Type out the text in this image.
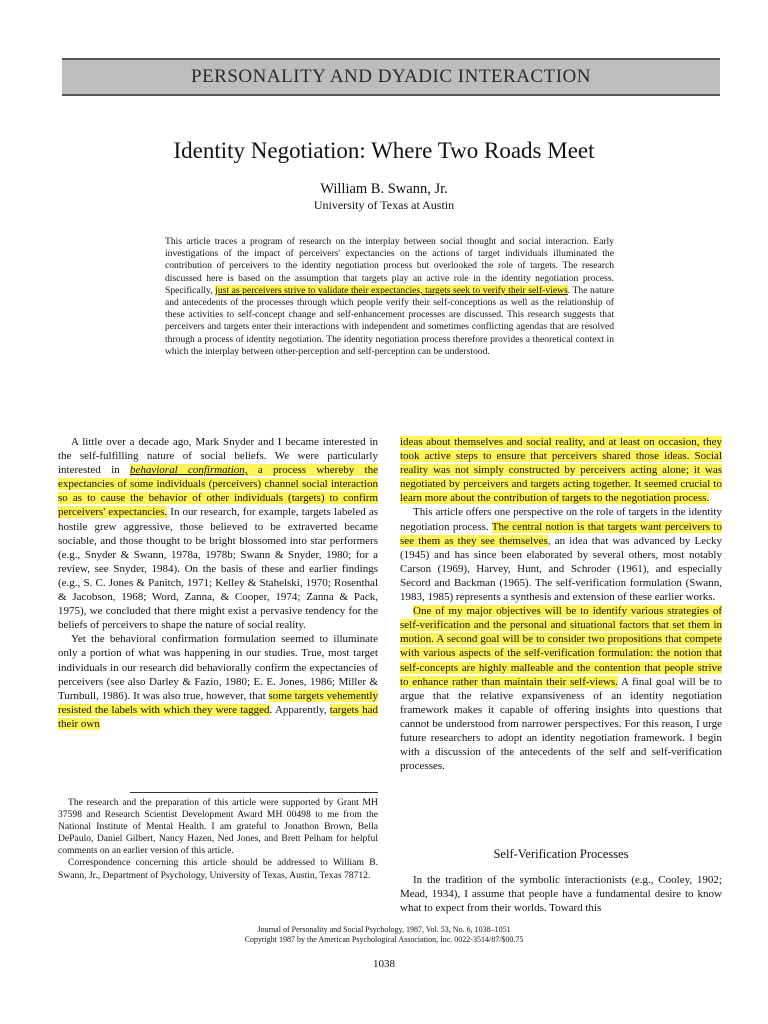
PERSONALITY AND DYADIC INTERACTION
Identity Negotiation: Where Two Roads Meet
William B. Swann, Jr.
University of Texas at Austin
This article traces a program of research on the interplay between social thought and social interaction. Early investigations of the impact of perceivers' expectancies on the actions of target individuals illuminated the contribution of perceivers to the identity negotiation process but overlooked the role of targets. The research discussed here is based on the assumption that targets play an active role in the identity negotiation process. Specifically, just as perceivers strive to validate their expectancies, targets seek to verify their self-views. The nature and antecedents of the processes through which people verify their self-conceptions as well as the relationship of these activities to self-concept change and self-enhancement processes are discussed. This research suggests that perceivers and targets enter their interactions with independent and sometimes conflicting agendas that are resolved through a process of identity negotiation. The identity negotiation process therefore provides a theoretical context in which the interplay between other-perception and self-perception can be understood.

A little over a decade ago, Mark Snyder and I became interested in the self-fulfilling nature of social beliefs. We were particularly interested in behavioral confirmation, a process whereby the expectancies of some individuals (perceivers) channel social interaction so as to cause the behavior of other individuals (targets) to confirm perceivers' expectancies. In our research, for example, targets labeled as hostile grew aggressive, those believed to be extraverted became sociable, and those thought to be bright blossomed into star performers (e.g., Snyder & Swann, 1978a, 1978b; Swann & Snyder, 1980; for a review, see Snyder, 1984). On the basis of these and earlier findings (e.g., S. C. Jones & Panitch, 1971; Kelley & Stahelski, 1970; Rosenthal & Jacobson, 1968; Word, Zanna, & Cooper, 1974; Zanna & Pack, 1975), we concluded that there might exist a pervasive tendency for the beliefs of perceivers to shape the nature of social reality.

Yet the behavioral confirmation formulation seemed to illuminate only a portion of what was happening in our studies. True, most target individuals in our research did behaviorally confirm the expectancies of perceivers (see also Darley & Fazio, 1980; E. E. Jones, 1986; Miller & Turnbull, 1986). It was also true, however, that some targets vehemently resisted the labels with which they were tagged. Apparently, targets had their own

ideas about themselves and social reality, and at least on occasion, they took active steps to ensure that perceivers shared those ideas. Social reality was not simply constructed by perceivers acting alone; it was negotiated by perceivers and targets acting together. It seemed crucial to learn more about the contribution of targets to the negotiation process.

This article offers one perspective on the role of targets in the identity negotiation process. The central notion is that targets want perceivers to see them as they see themselves, an idea that was advanced by Lecky (1945) and has since been elaborated by several others, most notably Carson (1969), Harvey, Hunt, and Schroder (1961), and especially Secord and Backman (1965). The self-verification formulation (Swann, 1983, 1985) represents a synthesis and extension of these earlier works.

One of my major objectives will be to identify various strategies of self-verification and the personal and situational factors that set them in motion. A second goal will be to consider two propositions that compete with various aspects of the self-verification formulation: the notion that self-concepts are highly malleable and the contention that people strive to enhance rather than maintain their self-views. A final goal will be to argue that the relative expansiveness of an identity negotiation framework makes it capable of offering insights into questions that cannot be understood from narrower perspectives. For this reason, I urge future researchers to adopt an identity negotiation framework. I begin with a discussion of the antecedents of the self and self-verification processes.

Self-Verification Processes

In the tradition of the symbolic interactionists (e.g., Cooley, 1902; Mead, 1934), I assume that people have a fundamental desire to know what to expect from their worlds. Toward this

The research and the preparation of this article were supported by Grant MH 37598 and Research Scientist Development Award MH 00498 to me from the National Institute of Mental Health. I am grateful to Jonathon Brown, Bella DePaulo, Daniel Gilbert, Nancy Hazen, Ned Jones, and Brett Pelham for helpful comments on an earlier version of this article.

Correspondence concerning this article should be addressed to William B. Swann, Jr., Department of Psychology, University of Texas, Austin, Texas 78712.

Journal of Personality and Social Psychology, 1987, Vol. 53, No. 6, 1038–1051
Copyright 1987 by the American Psychological Association, Inc. 0022-3514/87/$00.75
1038
